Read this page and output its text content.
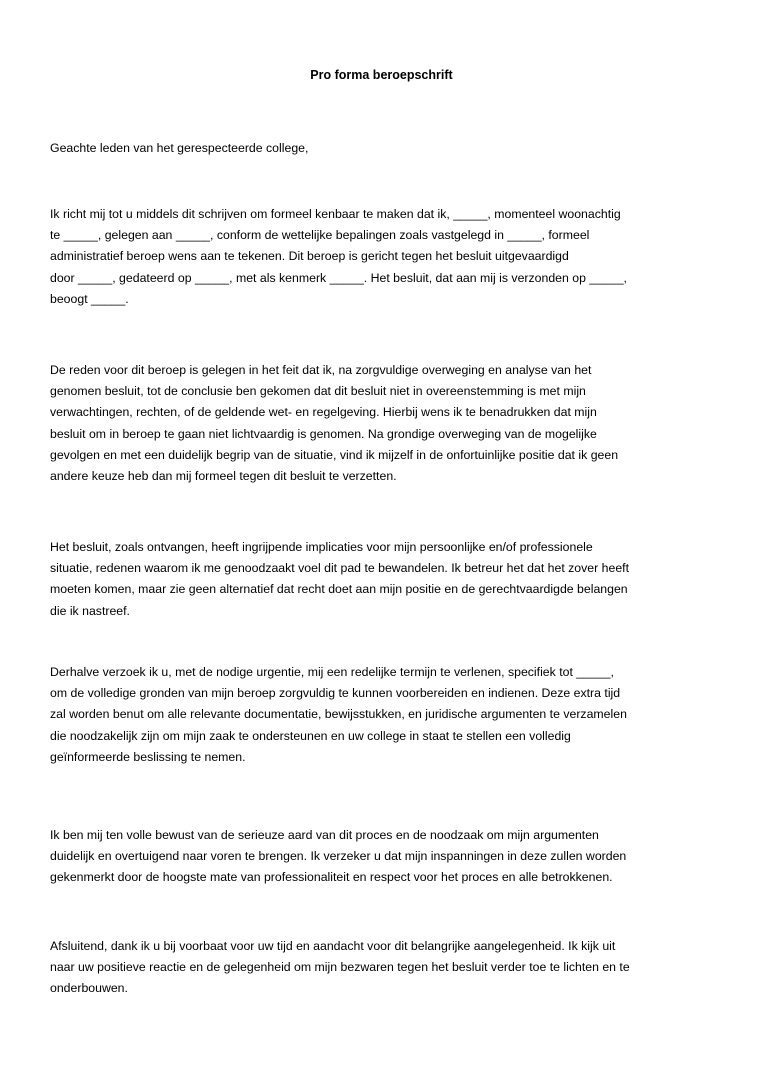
Pro forma beroepschrift

Geachte leden van het gerespecteerde college,

Ik richt mij tot u middels dit schrijven om formeel kenbaar te maken dat ik, _____, momenteel woonachtig
te _____, gelegen aan _____, conform de wettelijke bepalingen zoals vastgelegd in _____, formeel
administratief beroep wens aan te tekenen. Dit beroep is gericht tegen het besluit uitgevaardigd
door _____, gedateerd op _____, met als kenmerk _____. Het besluit, dat aan mij is verzonden op _____,
beoogt _____.

De reden voor dit beroep is gelegen in het feit dat ik, na zorgvuldige overweging en analyse van het
genomen besluit, tot de conclusie ben gekomen dat dit besluit niet in overeenstemming is met mijn
verwachtingen, rechten, of de geldende wet- en regelgeving. Hierbij wens ik te benadrukken dat mijn
besluit om in beroep te gaan niet lichtvaardig is genomen. Na grondige overweging van de mogelijke
gevolgen en met een duidelijk begrip van de situatie, vind ik mijzelf in de onfortuinlijke positie dat ik geen
andere keuze heb dan mij formeel tegen dit besluit te verzetten.

Het besluit, zoals ontvangen, heeft ingrijpende implicaties voor mijn persoonlijke en/of professionele
situatie, redenen waarom ik me genoodzaakt voel dit pad te bewandelen. Ik betreur het dat het zover heeft
moeten komen, maar zie geen alternatief dat recht doet aan mijn positie en de gerechtvaardigde belangen
die ik nastreef.

Derhalve verzoek ik u, met de nodige urgentie, mij een redelijke termijn te verlenen, specifiek tot _____,
om de volledige gronden van mijn beroep zorgvuldig te kunnen voorbereiden en indienen. Deze extra tijd
zal worden benut om alle relevante documentatie, bewijsstukken, en juridische argumenten te verzamelen
die noodzakelijk zijn om mijn zaak te ondersteunen en uw college in staat te stellen een volledig
geïnformeerde beslissing te nemen.

Ik ben mij ten volle bewust van de serieuze aard van dit proces en de noodzaak om mijn argumenten
duidelijk en overtuigend naar voren te brengen. Ik verzeker u dat mijn inspanningen in deze zullen worden
gekenmerkt door de hoogste mate van professionaliteit en respect voor het proces en alle betrokkenen.

Afsluitend, dank ik u bij voorbaat voor uw tijd en aandacht voor dit belangrijke aangelegenheid. Ik kijk uit
naar uw positieve reactie en de gelegenheid om mijn bezwaren tegen het besluit verder toe te lichten en te
onderbouwen.
